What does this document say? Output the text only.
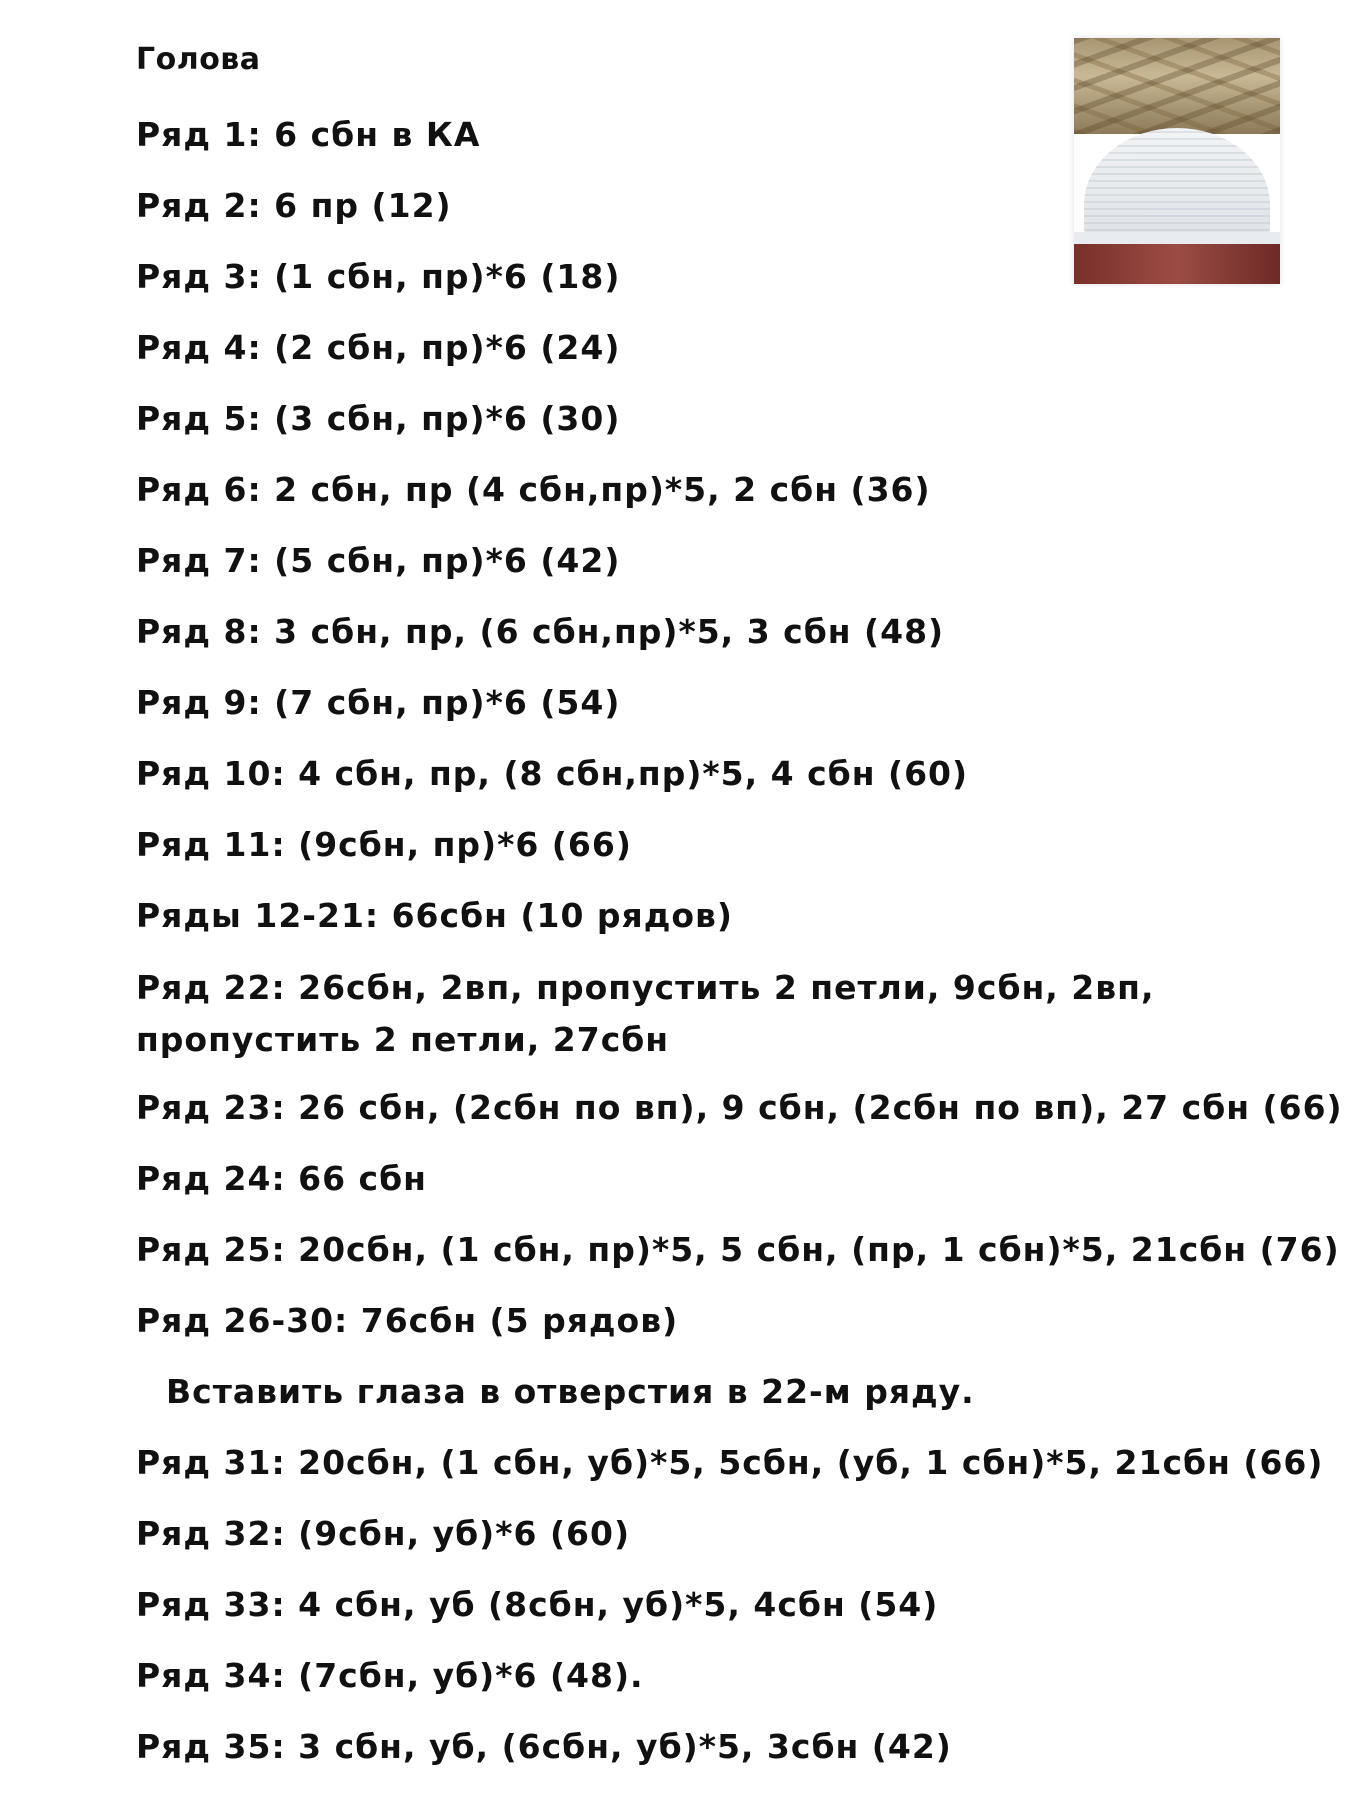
Голова
Ряд 1: 6 сбн в КА
Ряд 2: 6 пр (12)
Ряд 3: (1 сбн, пр)*6 (18)
Ряд 4: (2 сбн, пр)*6 (24)
Ряд 5: (3 сбн, пр)*6 (30)
Ряд 6: 2 сбн, пр (4 сбн,пр)*5, 2 сбн (36)
Ряд 7: (5 сбн, пр)*6 (42)
Ряд 8: 3 сбн, пр, (6 сбн,пр)*5, 3 сбн (48)
Ряд 9: (7 сбн, пр)*6 (54)
Ряд 10: 4 сбн, пр, (8 сбн,пр)*5, 4 сбн (60)
Ряд 11: (9сбн, пр)*6 (66)
Ряды 12-21: 66сбн (10 рядов)
Ряд 22: 26сбн, 2вп, пропустить 2 петли, 9сбн, 2вп, пропустить 2 петли, 27сбн
Ряд 23: 26 сбн, (2сбн по вп), 9 сбн, (2сбн по вп), 27 сбн (66)
Ряд 24: 66 сбн
Ряд 25: 20сбн, (1 сбн, пр)*5, 5 сбн, (пр, 1 сбн)*5, 21сбн (76)
Ряд 26-30: 76сбн (5 рядов)
Вставить глаза в отверстия в 22-м ряду.
Ряд 31: 20сбн, (1 сбн, уб)*5, 5сбн, (уб, 1 сбн)*5, 21сбн (66)
Ряд 32: (9сбн, уб)*6 (60)
Ряд 33: 4 сбн, уб (8сбн, уб)*5, 4сбн (54)
Ряд 34: (7сбн, уб)*6 (48).
Ряд 35: 3 сбн, уб, (6сбн, уб)*5, 3сбн (42)
